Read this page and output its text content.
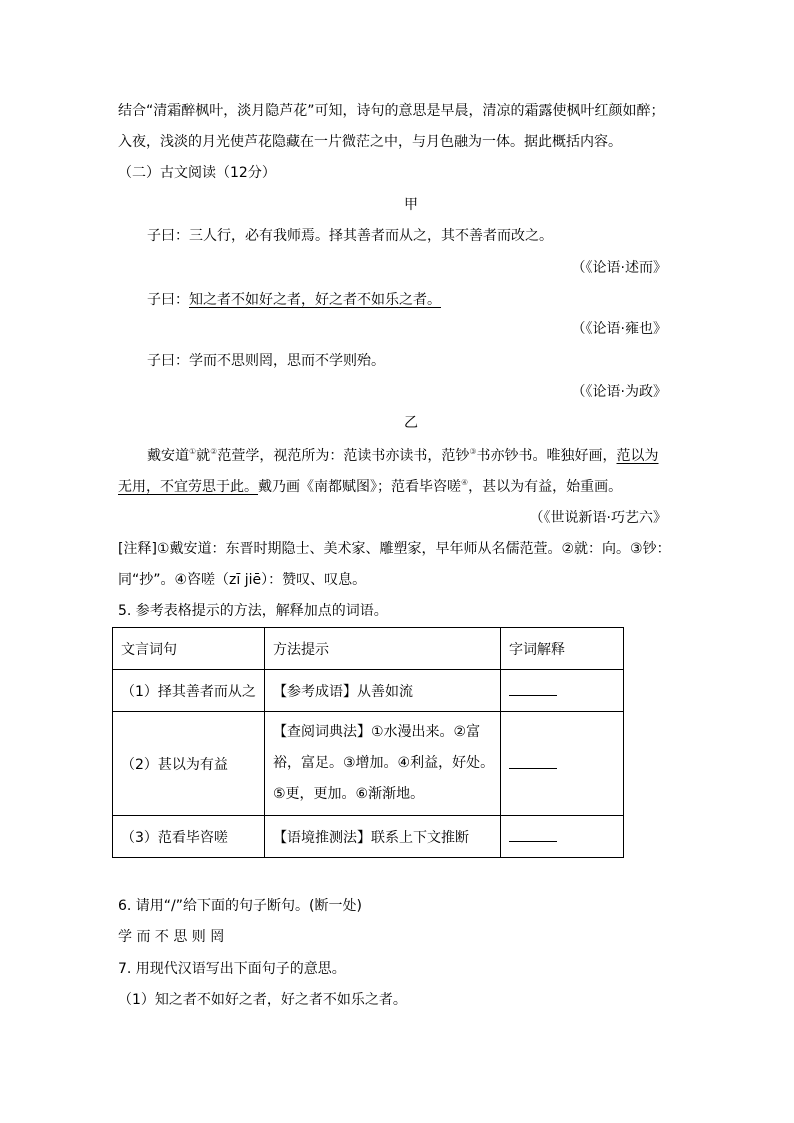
结合“清霜醉枫叶，淡月隐芦花”可知，诗句的意思是早晨，清凉的霜露使枫叶红颜如醉；
入夜，浅淡的月光使芦花隐藏在一片微茫之中，与月色融为一体。据此概括内容。
（二）古文阅读（12分）
甲
子曰：三人行，必有我师焉。择其善者而从之，其不善者而改之。
（《论语·述而》
子曰：知之者不如好之者，好之者不如乐之者。
（《论语·雍也》
子曰：学而不思则罔，思而不学则殆。
（《论语·为政》
乙
戴安道①就②范萱学，视范所为：范读书亦读书，范钞③书亦钞书。唯独好画，范以为
无用，不宜劳思于此。戴乃画《南都赋图》；范看毕咨嗟④，甚以为有益，始重画。
（《世说新语·巧艺六》
[注释]①戴安道：东晋时期隐士、美术家、雕塑家，早年师从名儒范萱。②就：向。③钞：
同“抄”。④咨嗟（zī jiē）：赞叹、叹息。
5. 参考表格提示的方法，解释加点的词语。
文言词句	方法提示	字词解释
（1）择其善者而从之	【参考成语】从善如流	
（2）甚以为有益	【查阅词典法】①水漫出来。②富
裕，富足。③增加。④利益，好处。
⑤更，更加。⑥渐渐地。	

（3）范看毕咨嗟	【语境推测法】联系上下文推断	
6. 请用“/”给下面的句子断句。(断一处)
学 而 不 思 则 罔
7. 用现代汉语写出下面句子的意思。
（1）知之者不如好之者，好之者不如乐之者。
